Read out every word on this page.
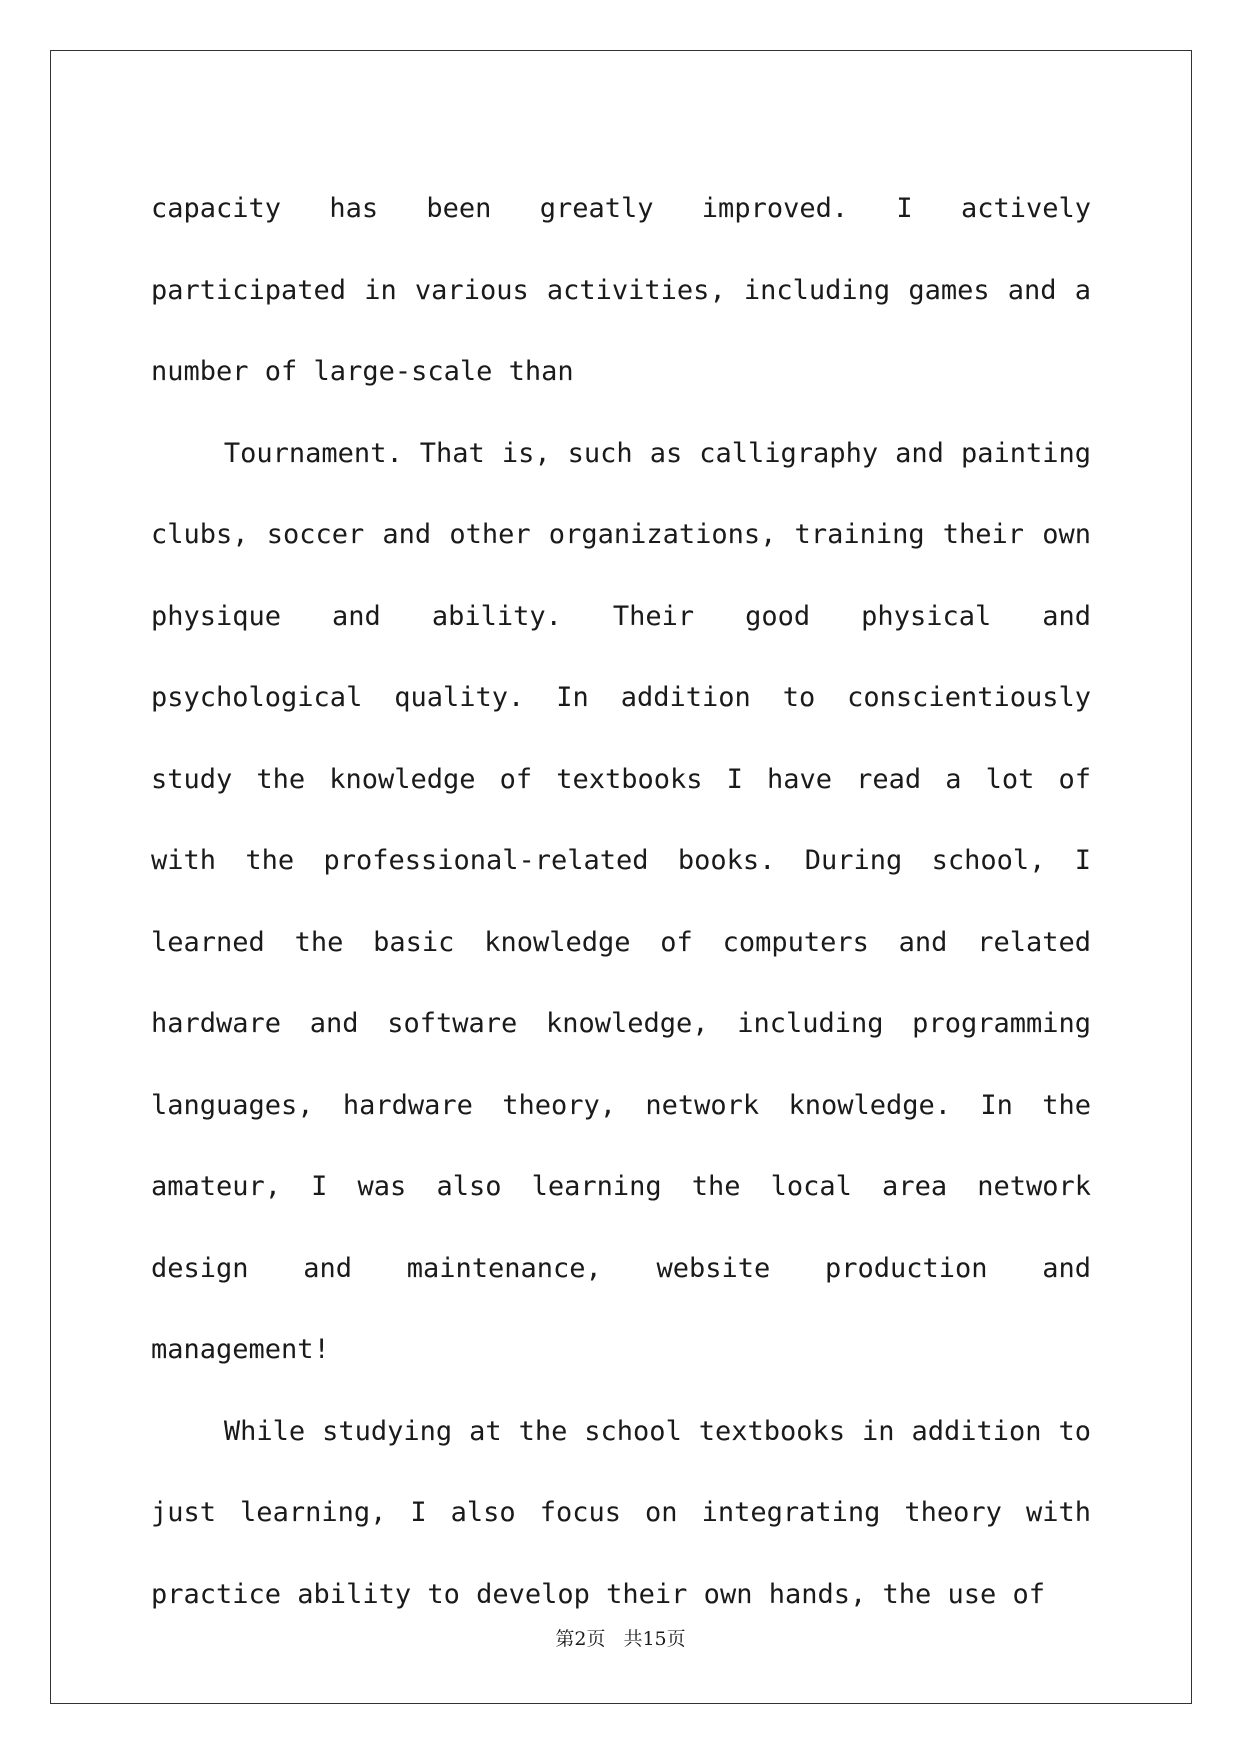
capacity has been greatly improved. I actively participated in various activities, including games and a number of large-scale than

Tournament. That is, such as calligraphy and painting clubs, soccer and other organizations, training their own physique and ability. Their good physical and psychological quality. In addition to conscientiously study the knowledge of textbooks I have read a lot of with the professional-related books. During school, I learned the basic knowledge of computers and related hardware and software knowledge, including programming languages, hardware theory, network knowledge. In the amateur, I was also learning the local area network design and maintenance, website production and management!

While studying at the school textbooks in addition to just learning, I also focus on integrating theory with practice ability to develop their own hands, the use of

第2页 共15页
